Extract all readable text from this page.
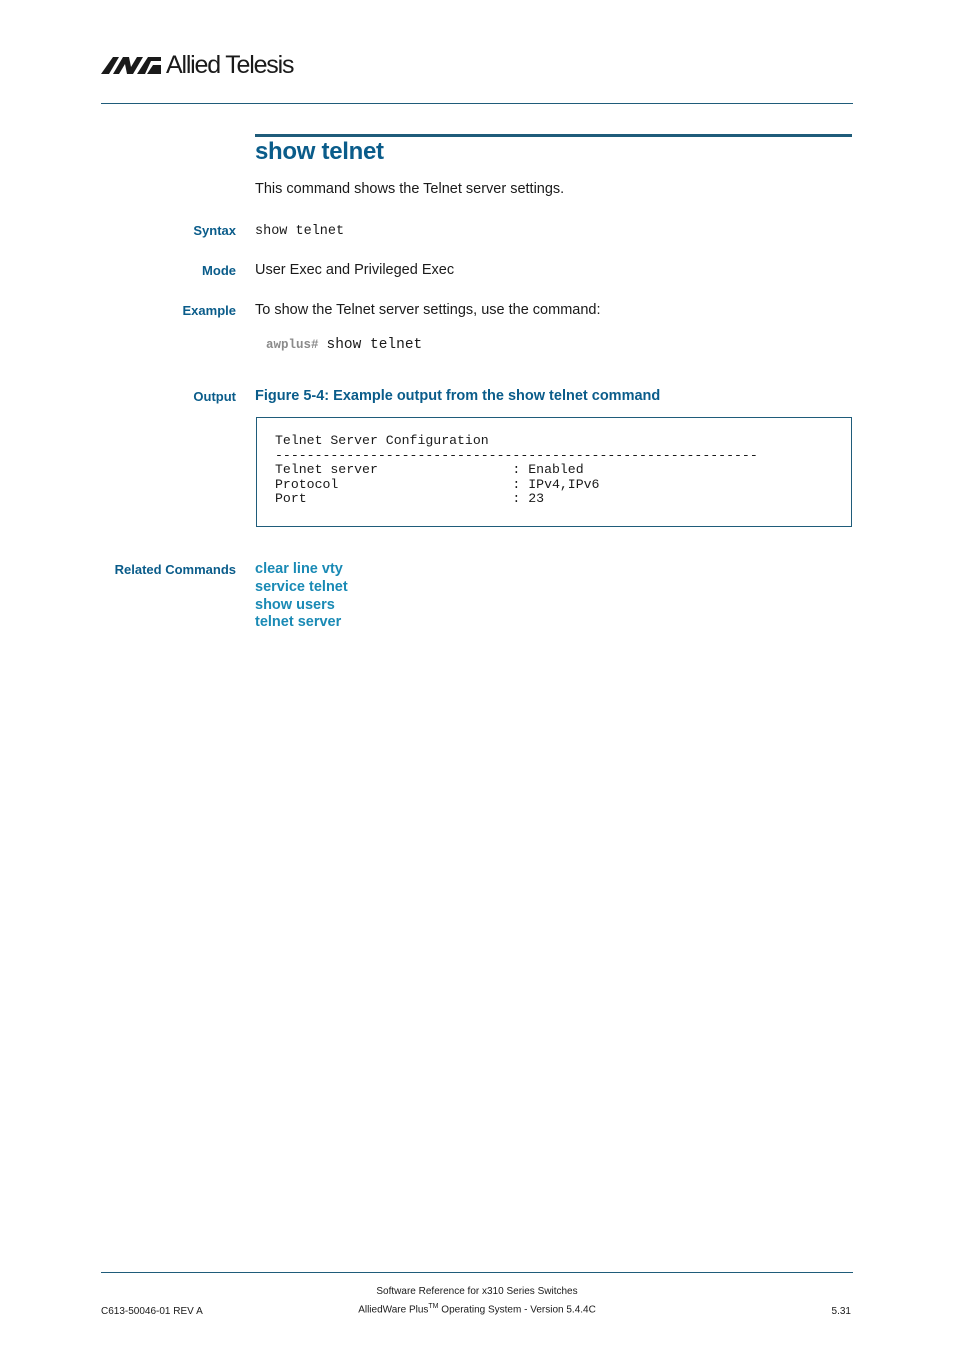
Allied Telesis
show telnet
This command shows the Telnet server settings.
Syntax show telnet
Mode User Exec and Privileged Exec
Example To show the Telnet server settings, use the command:
awplus# show telnet
Output Figure 5-4: Example output from the show telnet command
Telnet Server Configuration
-------------------------------------------------------------
Telnet server                 : Enabled
Protocol                      : IPv4,IPv6
Port                          : 23
Related Commands clear line vty
service telnet
show users
telnet server
Software Reference for x310 Series Switches
C613-50046-01 REV A	AlliedWare Plus™ Operating System - Version 5.4.4C	5.31
